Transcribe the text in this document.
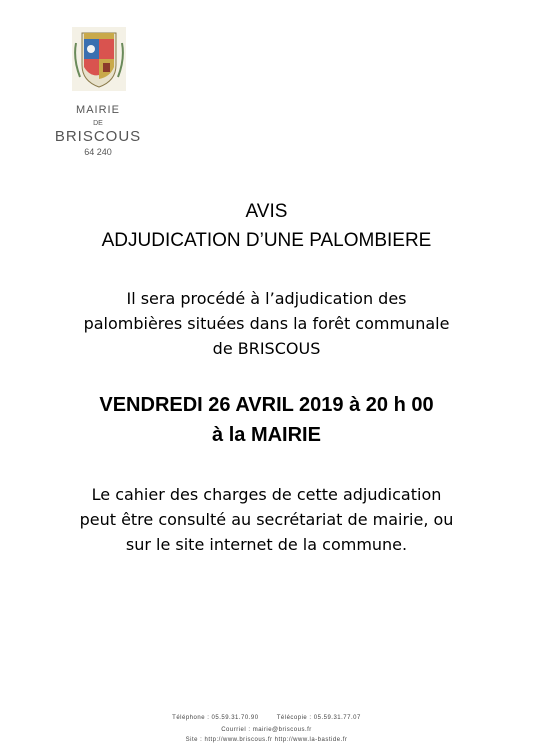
MAIRIE
DE
BRISCOUS
64 240
AVIS
ADJUDICATION D’UNE PALOMBIERE
Il sera procédé à l’adjudication des
palombières situées dans la forêt communale
de BRISCOUS
VENDREDI 26 AVRIL 2019 à 20 h 00
à la MAIRIE
Le cahier des charges de cette adjudication
peut être consulté au secrétariat de mairie, ou
sur le site internet de la commune.
Téléphone : 05.59.31.70.90	Télécopie : 05.59.31.77.07
Courriel : mairie@briscous.fr
Site : http://www.briscous.fr http://www.la-bastide.fr
